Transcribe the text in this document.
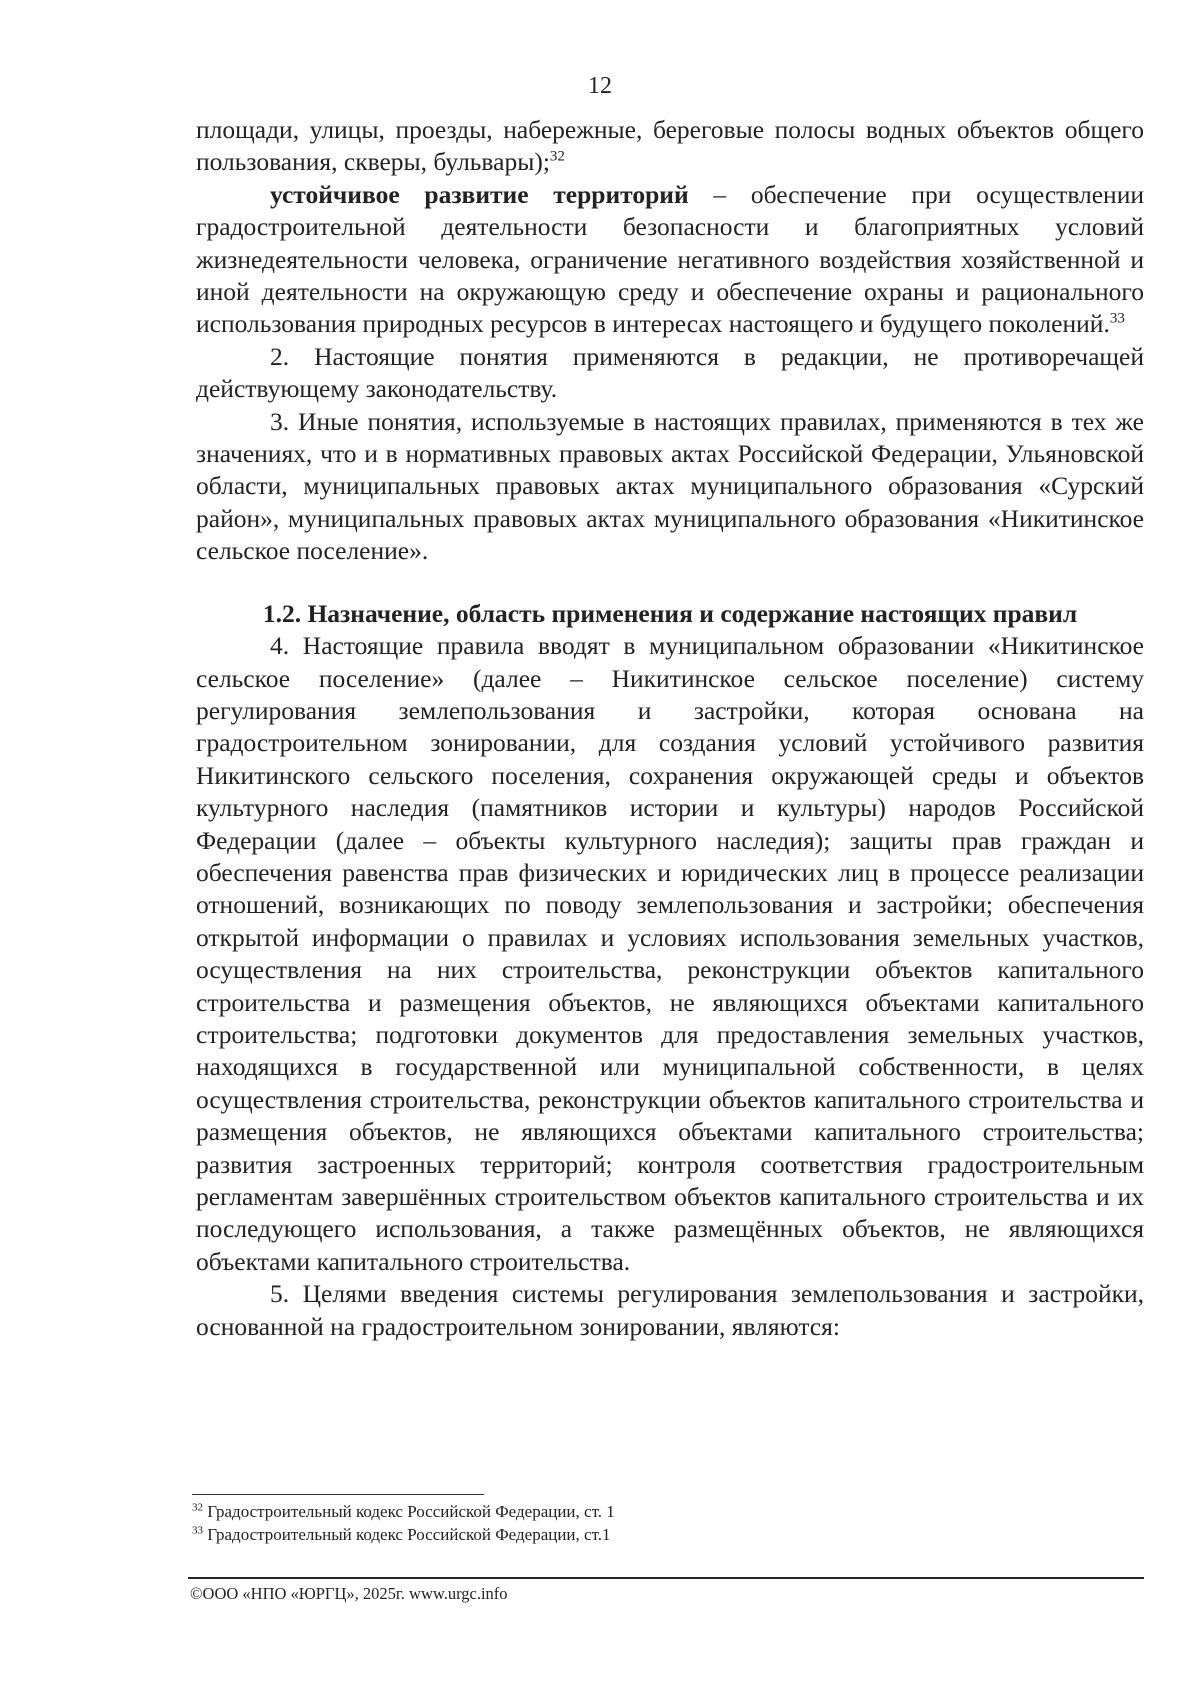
12

площади, улицы, проезды, набережные, береговые полосы водных объектов общего пользования, скверы, бульвары);$^{32}$

устойчивое развитие территорий – обеспечение при осуществлении градостроительной деятельности безопасности и благоприятных условий жизнедеятельности человека, ограничение негативного воздействия хозяйственной и иной деятельности на окружающую среду и обеспечение охраны и рационального использования природных ресурсов в интересах настоящего и будущего поколений.$^{33}$

2. Настоящие понятия применяются в редакции, не противоречащей действующему законодательству.

3. Иные понятия, используемые в настоящих правилах, применяются в тех же значениях, что и в нормативных правовых актах Российской Федерации, Ульяновской области, муниципальных правовых актах муниципального образования «Сурский район», муниципальных правовых актах муниципального образования «Никитинское сельское поселение».

1.2. Назначение, область применения и содержание настоящих правил

4. Настоящие правила вводят в муниципальном образовании «Никитинское сельское поселение» (далее – Никитинское сельское поселение) систему регулирования землепользования и застройки, которая основана на градостроительном зонировании, для создания условий устойчивого развития Никитинского сельского поселения, сохранения окружающей среды и объектов культурного наследия (памятников истории и культуры) народов Российской Федерации (далее – объекты культурного наследия); защиты прав граждан и обеспечения равенства прав физических и юридических лиц в процессе реализации отношений, возникающих по поводу землепользования и застройки; обеспечения открытой информации о правилах и условиях использования земельных участков, осуществления на них строительства, реконструкции объектов капитального строительства и размещения объектов, не являющихся объектами капитального строительства; подготовки документов для предоставления земельных участков, находящихся в государственной или муниципальной собственности, в целях осуществления строительства, реконструкции объектов капитального строительства и размещения объектов, не являющихся объектами капитального строительства; развития застроенных территорий; контроля соответствия градостроительным регламентам завершённых строительством объектов капитального строительства и их последующего использования, а также размещённых объектов, не являющихся объектами капитального строительства.

5. Целями введения системы регулирования землепользования и застройки, основанной на градостроительном зонировании, являются:

$^{32}$ Градостроительный кодекс Российской Федерации, ст. 1

$^{33}$ Градостроительный кодекс Российской Федерации, ст.1

©ООО «НПО «ЮРГЦ», 2025г. www.urgc.info
